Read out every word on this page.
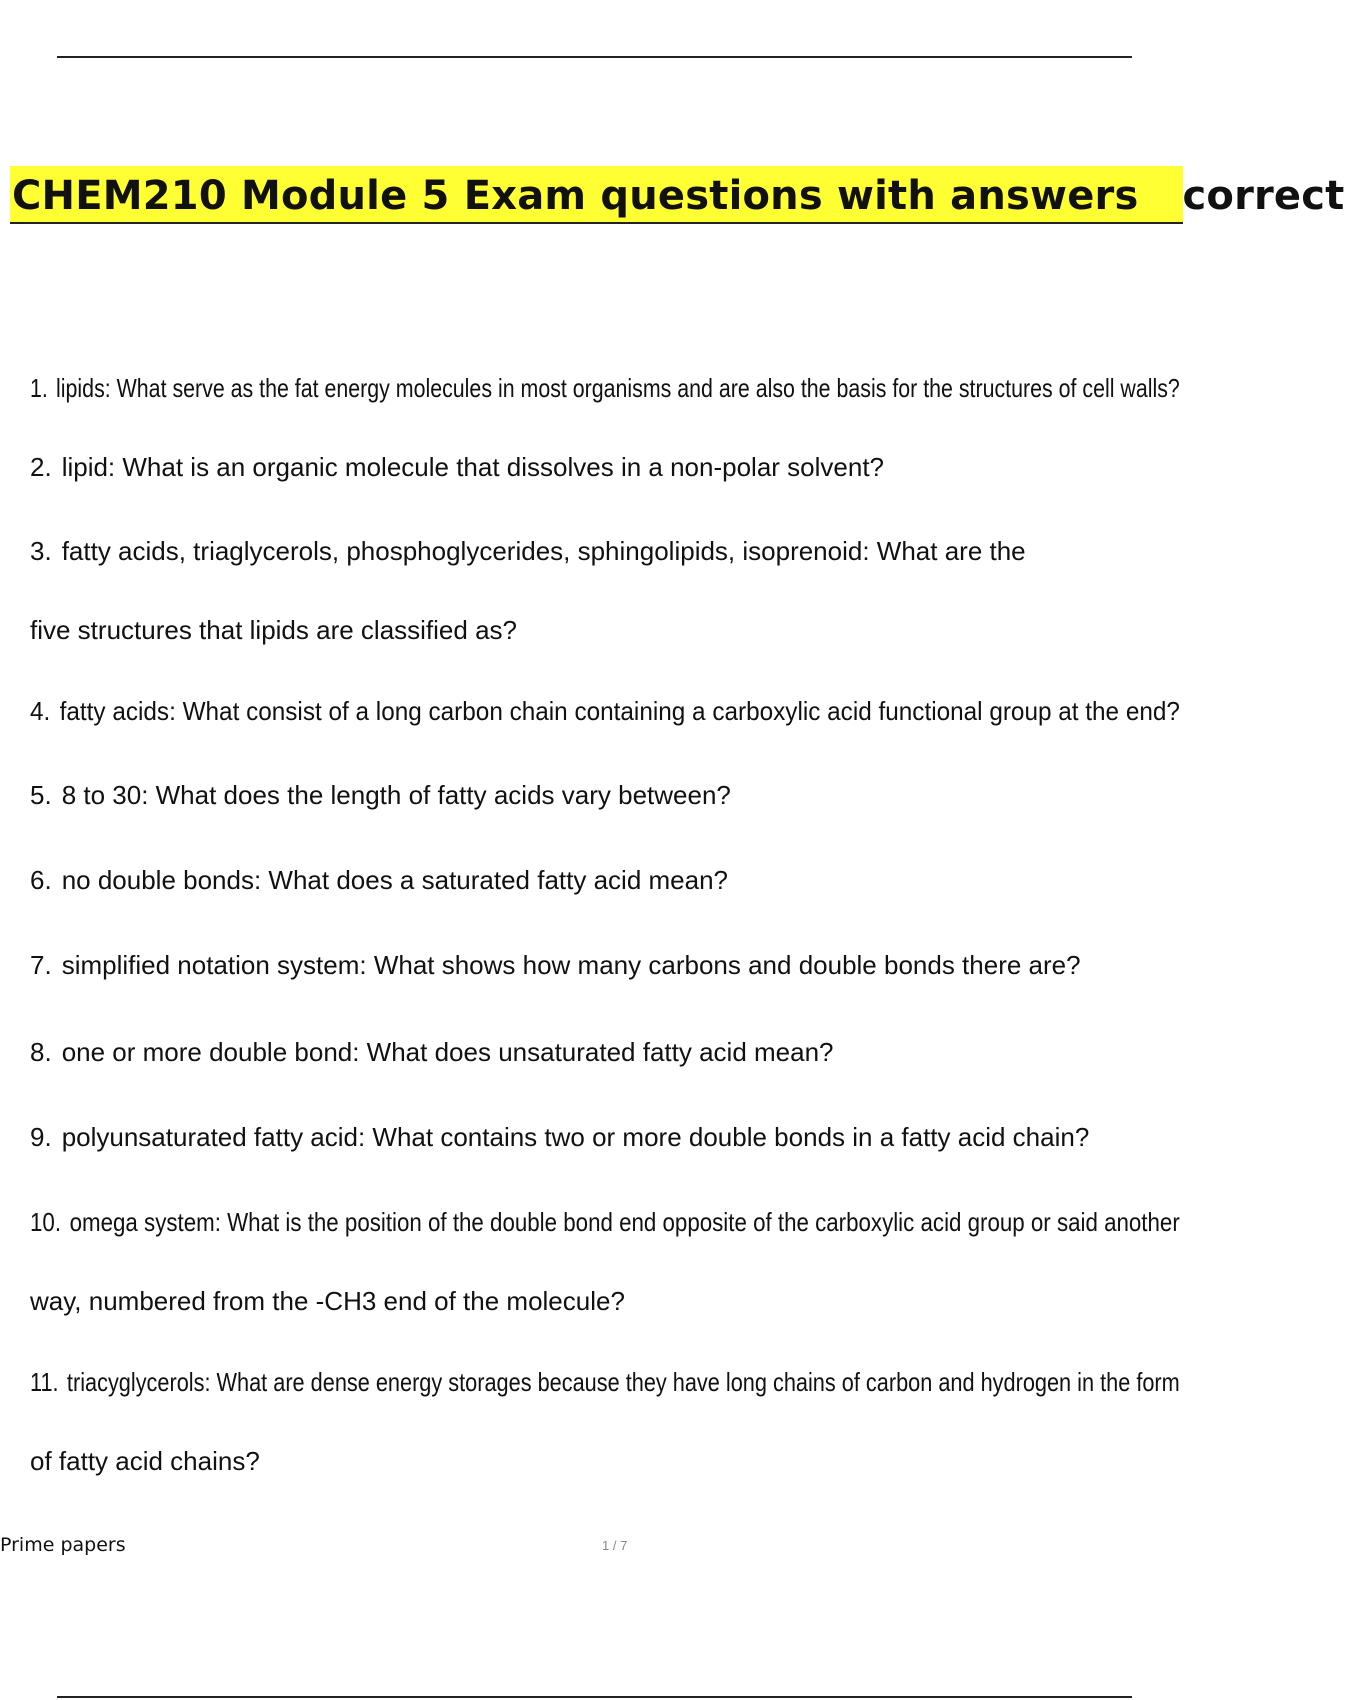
CHEM210 Module 5 Exam questions with answers correct
1. lipids: What serve as the fat energy molecules in most organisms and are also the basis for the structures of cell walls?
2. lipid: What is an organic molecule that dissolves in a non-polar solvent?
3. fatty acids, triaglycerols, phosphoglycerides, sphingolipids, isoprenoid: What are the
five structures that lipids are classified as?
4. fatty acids: What consist of a long carbon chain containing a carboxylic acid functional group at the end?
5. 8 to 30: What does the length of fatty acids vary between?
6. no double bonds: What does a saturated fatty acid mean?
7. simplified notation system: What shows how many carbons and double bonds there are?
8. one or more double bond: What does unsaturated fatty acid mean?
9. polyunsaturated fatty acid: What contains two or more double bonds in a fatty acid chain?
10. omega system: What is the position of the double bond end opposite of the carboxylic acid group or said another
way, numbered from the -CH3 end of the molecule?
11. triacyglycerols: What are dense energy storages because they have long chains of carbon and hydrogen in the form
of fatty acid chains?
Prime papers	1 / 7
